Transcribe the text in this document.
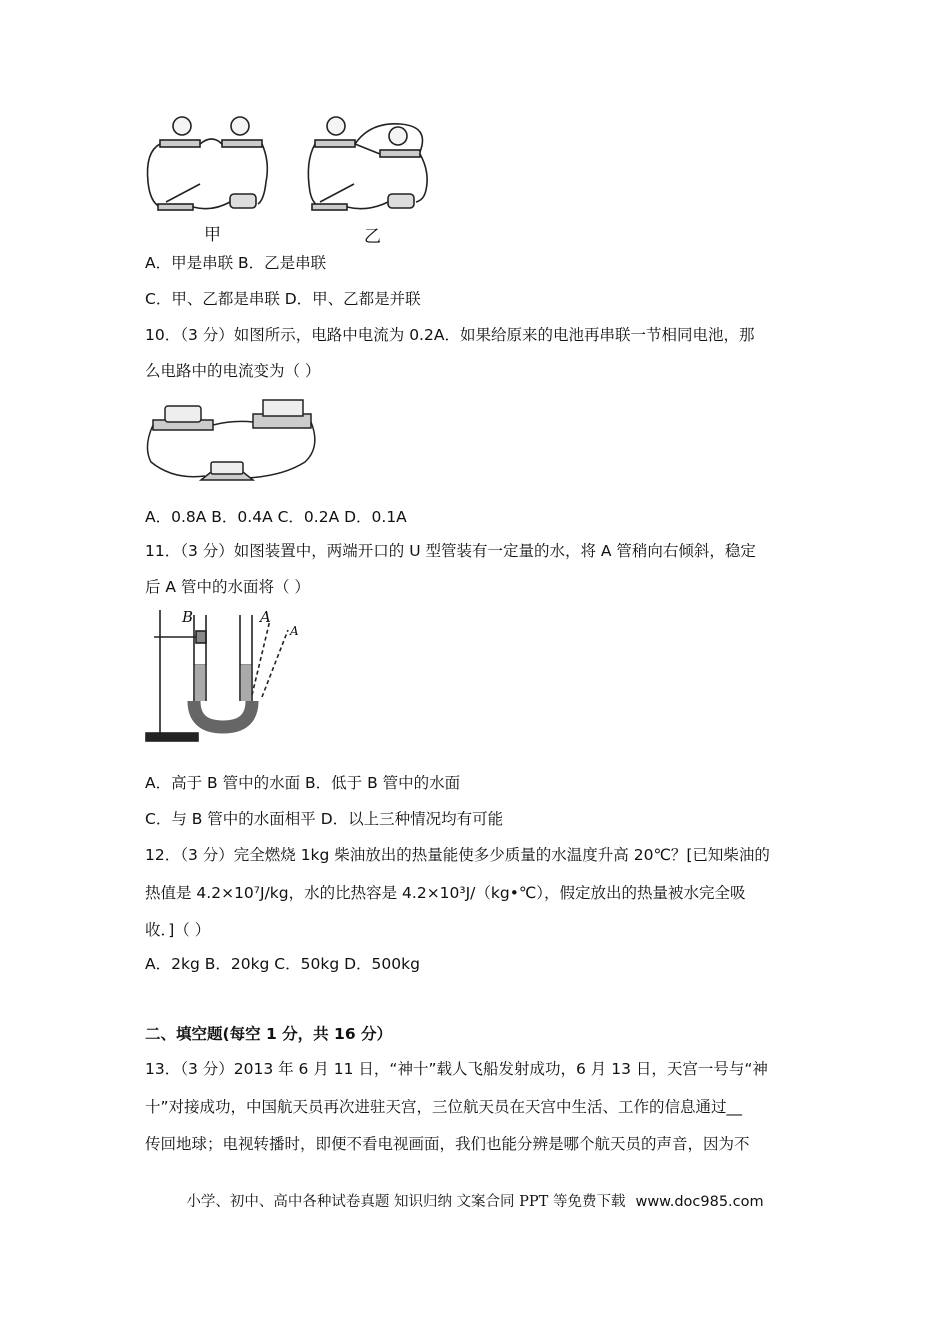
甲	乙
A．甲是串联 B．乙是串联
C．甲、乙都是串联 D．甲、乙都是并联
10．（3 分）如图所示，电路中电流为 0.2A．如果给原来的电池再串联一节相同电池，那
么电路中的电流变为（ ）
A．0.8A B．0.4A C．0.2A D．0.1A
11．（3 分）如图装置中，两端开口的 U 型管装有一定量的水，将 A 管稍向右倾斜，稳定
后 A 管中的水面将（ ）
B	A
A
A．高于 B 管中的水面 B．低于 B 管中的水面
C．与 B 管中的水面相平 D．以上三种情况均有可能
12．（3 分）完全燃烧 1kg 柴油放出的热量能使多少质量的水温度升高 20℃？[已知柴油的
热值是 4.2×10⁷J/kg，水的比热容是 4.2×10³J/（kg•℃），假定放出的热量被水完全吸
收．]（ ）
A．2kg B．20kg C．50kg D．500kg
二、填空题(每空 1 分，共 16 分）
13．（3 分）2013 年 6 月 11 日，“神十”载人飞船发射成功，6 月 13 日，天宫一号与“神
十”对接成功，中国航天员再次进驻天宫，三位航天员在天宫中生活、工作的信息通过__
传回地球；电视转播时，即便不看电视画面，我们也能分辨是哪个航天员的声音，因为不
小学、初中、高中各种试卷真题 知识归纳 文案合同 PPT 等免费下载 www.doc985.com
